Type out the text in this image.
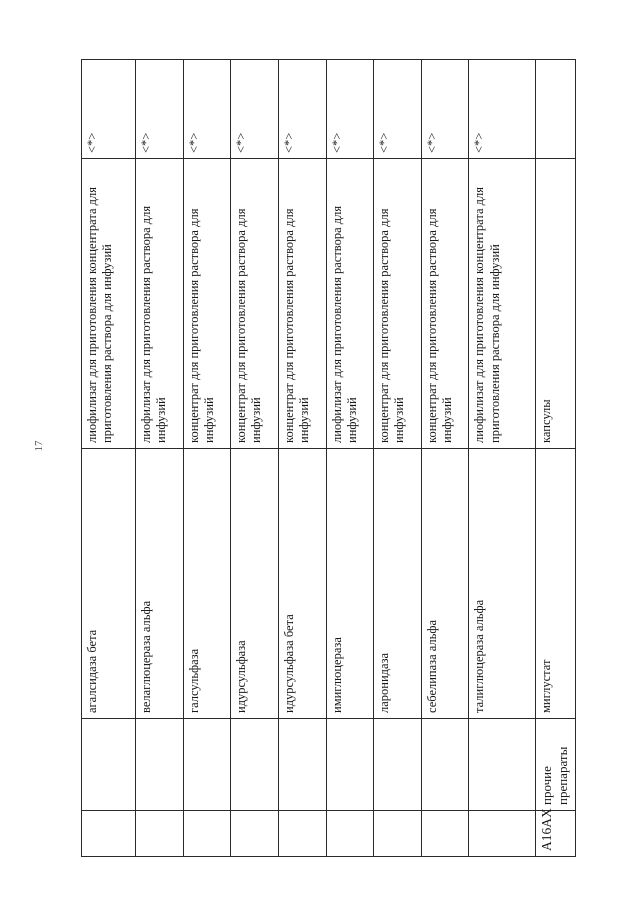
17
		агалсидаза бета	лиофилизат для приготовления концентрата для приготовления раствора для инфузий	<*>
		велаглюцераза альфа	лиофилизат для приготовления раствора для инфузий	<*>
		галсульфаза	концентрат для приготовления раствора для инфузий	<*>
		идурсульфаза	концентрат для приготовления раствора для инфузий	<*>
		идурсульфаза бета	концентрат для приготовления раствора для инфузий	<*>
		имиглюцераза	лиофилизат для приготовления раствора для инфузий	<*>
		ларонидаза	концентрат для приготовления раствора для инфузий	<*>
		себелипаза альфа	концентрат для приготовления раствора для инфузий	<*>
		талиглюцераза альфа	лиофилизат для приготовления концентрата для приготовления раствора для инфузий	<*>
A16AX	прочие препараты	миглустат	капсулы	
